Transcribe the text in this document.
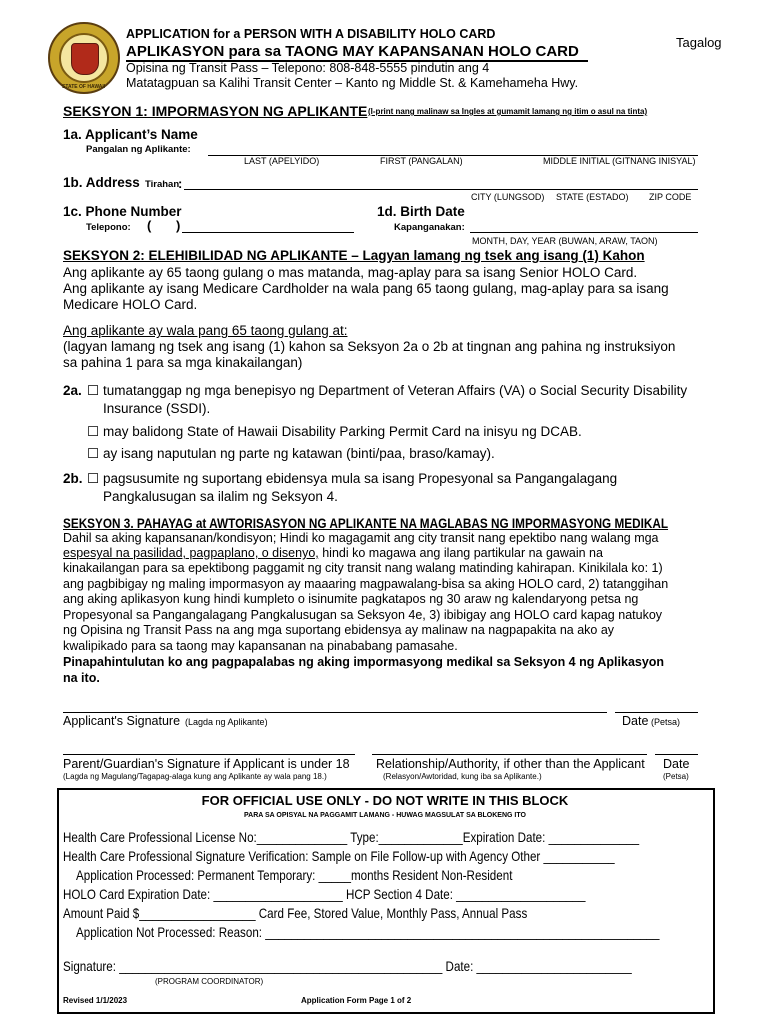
STATE OF HAWAII
APPLICATION for a PERSON WITH A DISABILITY HOLO CARD
APLIKASYON para sa TAONG MAY KAPANSANAN HOLO CARD
Opisina ng Transit Pass – Telepono: 808-848-5555 pindutin ang 4
Matatagpuan sa Kalihi Transit Center – Kanto ng Middle St. & Kamehameha Hwy.
Tagalog
SEKSYON 1: IMPORMASYON NG APLIKANTE (I-print nang malinaw sa Ingles at gumamit lamang ng itim o asul na tinta)
1a. Applicant’s Name
Pangalan ng Aplikante:
LAST (APELYIDO)	FIRST (PANGALAN)	MIDDLE INITIAL (GITNANG INISYAL)
1b. Address Tirahan
:
CITY (LUNGSOD) STATE (ESTADO) ZIP CODE
1c. Phone Number
Telepono: ( )
1d. Birth Date
Kapanganakan:
MONTH, DAY, YEAR (BUWAN, ARAW, TAON)
SEKSYON 2: ELEHIBILIDAD NG APLIKANTE – Lagyan lamang ng tsek ang isang (1) Kahon
Ang aplikante ay 65 taong gulang o mas matanda, mag-aplay para sa isang Senior HOLO Card.
Ang aplikante ay isang Medicare Cardholder na wala pang 65 taong gulang, mag-aplay para sa isang
Medicare HOLO Card.
Ang aplikante ay wala pang 65 taong gulang at:
(lagyan lamang ng tsek ang isang (1) kahon sa Seksyon 2a o 2b at tingnan ang pahina ng instruksiyon
sa pahina 1 para sa mga kinakailangan)
2a. ☐ tumatanggap ng mga benepisyo ng Department of Veteran Affairs (VA) o Social Security Disability
Insurance (SSDI).
☐ may balidong State of Hawaii Disability Parking Permit Card na inisyu ng DCAB.
☐ ay isang naputulan ng parte ng katawan (binti/paa, braso/kamay).
2b. ☐ pagsusumite ng suportang ebidensya mula sa isang Propesyonal sa Pangangalagang
Pangkalusugan sa ilalim ng Seksyon 4.
SEKSYON 3. PAHAYAG at AWTORISASYON NG APLIKANTE NA MAGLABAS NG IMPORMASYONG MEDIKAL
Dahil sa aking kapansanan/kondisyon; Hindi ko magagamit ang city transit nang epektibo nang walang mga
espesyal na pasilidad, pagpaplano, o disenyo, hindi ko magawa ang ilang partikular na gawain na
kinakailangan para sa epektibong paggamit ng city transit nang walang matinding kahirapan. Kinikilala ko: 1)
ang pagbibigay ng maling impormasyon ay maaaring magpawalang-bisa sa aking HOLO card, 2) tatanggihan
ang aking aplikasyon kung hindi kumpleto o isinumite pagkatapos ng 30 araw ng kalendaryong petsa ng
Propesyonal sa Pangangalagang Pangkalusugan sa Seksyon 4e, 3) ibibigay ang HOLO card kapag natukoy
ng Opisina ng Transit Pass na ang mga suportang ebidensya ay malinaw na nagpapakita na ako ay
kwalipikado para sa taong may kapansanan na pinababang pamasahe.
Pinapahintulutan ko ang pagpapalabas ng aking impormasyong medikal sa Seksyon 4 ng Aplikasyon
na ito.
Applicant's Signature (Lagda ng Aplikante)	Date (Petsa)
Parent/Guardian's Signature if Applicant is under 18 Relationship/Authority, if other than the Applicant Date
(Lagda ng Magulang/Tagapag-alaga kung ang Aplikante ay wala pang 18.)	(Relasyon/Awtoridad, kung iba sa Aplikante.)	(Petsa)
FOR OFFICIAL USE ONLY - DO NOT WRITE IN THIS BLOCK
PARA SA OPISYAL NA PAGGAMIT LAMANG - HUWAG MAGSULAT SA BLOKENG ITO
Health Care Professional License No:______________ Type:_____________Expiration Date: ______________
Health Care Professional Signature Verification: Sample on File Follow-up with Agency Other ___________
Application Processed: Permanent Temporary: _____months Resident Non-Resident
HOLO Card Expiration Date: ____________________ HCP Section 4 Date: ____________________
Amount Paid $__________________ Card Fee, Stored Value, Monthly Pass, Annual Pass
Application Not Processed: Reason: _____________________________________________________________
Signature: __________________________________________________ Date: ________________________
(PROGRAM COORDINATOR)
Revised 1/1/2023	Application Form Page 1 of 2
